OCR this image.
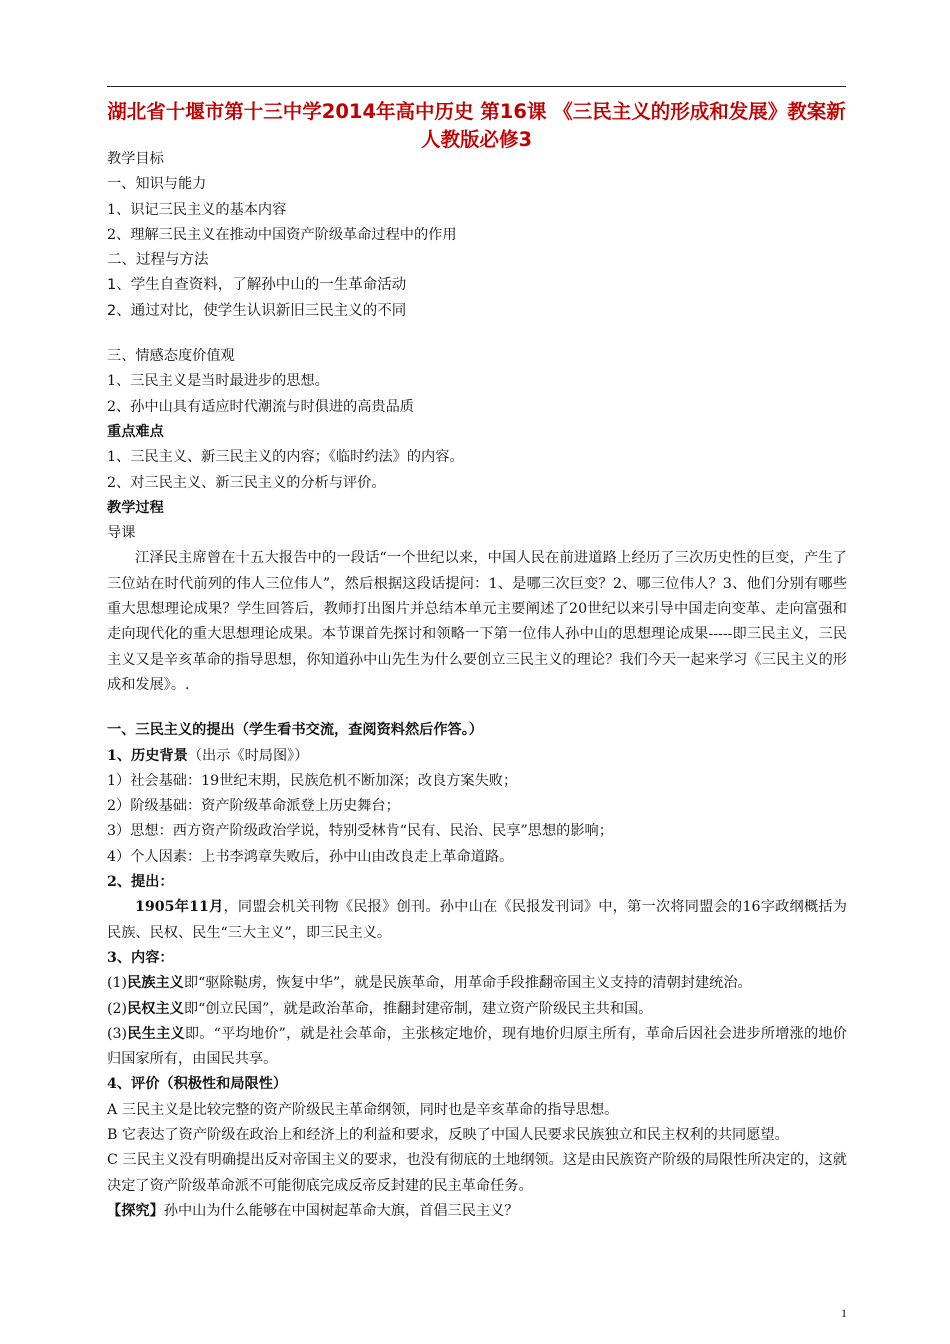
湖北省十堰市第十三中学2014年高中历史 第16课 《三民主义的形成和发展》教案新人教版必修3
教学目标
一、知识与能力
1、识记三民主义的基本内容
2、理解三民主义在推动中国资产阶级革命过程中的作用
二、过程与方法
1、学生自查资料，了解孙中山的一生革命活动
2、通过对比，使学生认识新旧三民主义的不同
三、情感态度价值观
1、三民主义是当时最进步的思想。
2、孙中山具有适应时代潮流与时俱进的高贵品质
重点难点
1、三民主义、新三民主义的内容；《临时约法》的内容。
2、对三民主义、新三民主义的分析与评价。
教学过程
导课
江泽民主席曾在十五大报告中的一段话“一个世纪以来，中国人民在前进道路上经历了三次历史性的巨变，产生了三位站在时代前列的伟人三位伟人”，然后根据这段话提问：1、是哪三次巨变？2、哪三位伟人？3、他们分别有哪些重大思想理论成果？学生回答后，教师打出图片并总结本单元主要阐述了20世纪以来引导中国走向变革、走向富强和走向现代化的重大思想理论成果。本节课首先探讨和领略一下第一位伟人孙中山的思想理论成果-----即三民主义，三民主义又是辛亥革命的指导思想，你知道孙中山先生为什么要创立三民主义的理论？我们今天一起来学习《三民主义的形成和发展》。.
一、三民主义的提出（学生看书交流，查阅资料然后作答。）
1、历史背景（出示《时局图》）
1）社会基础：19世纪末期，民族危机不断加深；改良方案失败；
2）阶级基础：资产阶级革命派登上历史舞台；
3）思想：西方资产阶级政治学说，特别受林肯“民有、民治、民享”思想的影响；
4）个人因素：上书李鸿章失败后，孙中山由改良走上革命道路。
2、提出：
1905年11月，同盟会机关刊物《民报》创刊。孙中山在《民报发刊词》中，第一次将同盟会的16字政纲概括为民族、民权、民生“三大主义”，即三民主义。
3、内容：
(1)民族主义即“驱除鞑虏，恢复中华”，就是民族革命，用革命手段推翻帝国主义支持的清朝封建统治。
(2)民权主义即“创立民国”，就是政治革命，推翻封建帝制，建立资产阶级民主共和国。
(3)民生主义即。“平均地价”，就是社会革命，主张核定地价，现有地价归原主所有，革命后因社会进步所增涨的地价归国家所有，由国民共享。
4、评价（积极性和局限性）
A 三民主义是比较完整的资产阶级民主革命纲领，同时也是辛亥革命的指导思想。
B 它表达了资产阶级在政治上和经济上的利益和要求，反映了中国人民要求民族独立和民主权利的共同愿望。
C 三民主义没有明确提出反对帝国主义的要求，也没有彻底的土地纲领。这是由民族资产阶级的局限性所决定的，这就决定了资产阶级革命派不可能彻底完成反帝反封建的民主革命任务。
【探究】孙中山为什么能够在中国树起革命大旗，首倡三民主义？
1
